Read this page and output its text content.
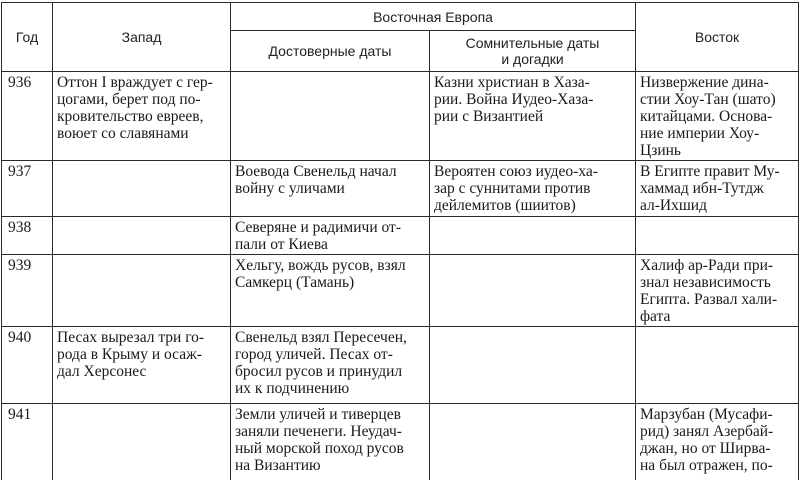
Год	Запад	Восточная Европа		Восток
		Достоверные даты	Сомнительные даты
и догадки	
936	Оттон I враждует с гер-
цогами, берет под по-
кровительство евреев,
воюет со славянами		Казни христиан в Хаза-
рии. Война Иудео-Хаза-
рии с Византией	Низвержение дина-
стии Хоу-Тан (шато)
китайцами. Основа-
ние империи Хоу-
Цзинь
937		Воевода Свенельд начал
войну с уличами	Вероятен союз иудео-ха-
зар с суннитами против
дейлемитов (шиитов)	В Египте правит Му-
хаммад ибн-Тутдж
ал-Ихшид
938		Северяне и радимичи от-
пали от Киева		
939		Хельгу, вождь русов, взял
Самкерц (Тамань)		Халиф ар-Ради при-
знал независимость
Египта. Развал хали-
фата
940	Песах вырезал три го-
рода в Крыму и осаж-
дал Херсонес	Свенельд взял Пересечен,
город уличей. Песах от-
бросил русов и принудил
их к подчинению		
941		Земли уличей и тиверцев
заняли печенеги. Неудач-
ный морской поход русов
на Византию		Марзубан (Мусафи-
рид) занял Азербай-
джан, но от Ширва-
на был отражен, по-
